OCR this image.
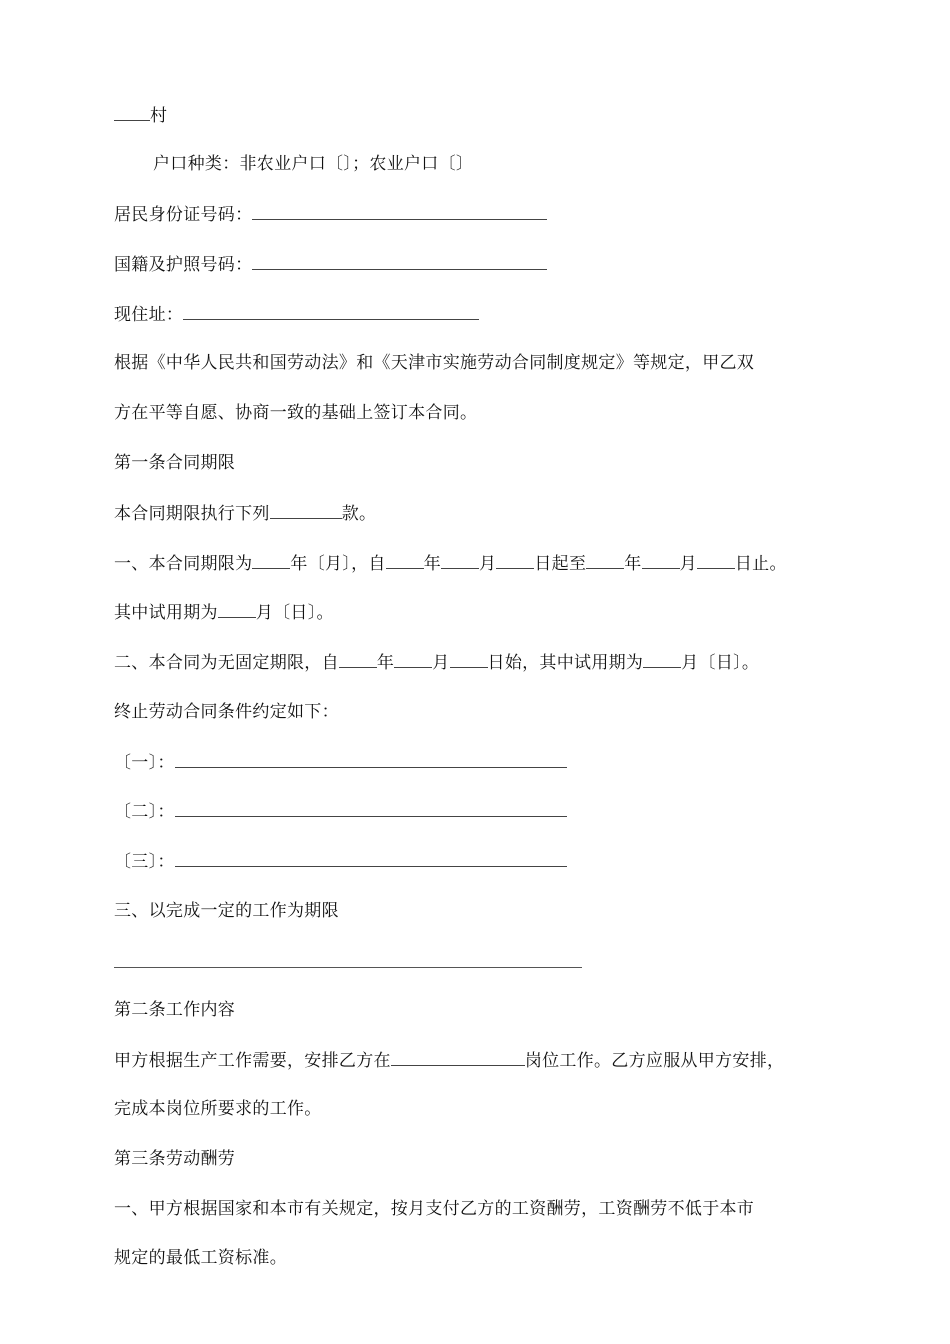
村
户口种类：非农业户口〔〕；农业户口〔〕
居民身份证号码：
国籍及护照号码：
现住址：
根据《中华人民共和国劳动法》和《天津市实施劳动合同制度规定》等规定，甲乙双
方在平等自愿、协商一致的基础上签订本合同。
第一条合同期限
本合同期限执行下列	款。
一、本合同期限为 年〔月〕，自 年 月 日起至 年 月 日止。
其中试用期为 月〔日〕。
二、本合同为无固定期限，自 年 月 日始，其中试用期为 月〔日〕。
终止劳动合同条件约定如下：
〔一〕：
〔二〕：
〔三〕：
三、以完成一定的工作为期限
第二条工作内容
甲方根据生产工作需要，安排乙方在	岗位工作。乙方应服从甲方安排，
完成本岗位所要求的工作。
第三条劳动酬劳
一、甲方根据国家和本市有关规定，按月支付乙方的工资酬劳，工资酬劳不低于本市
规定的最低工资标准。
